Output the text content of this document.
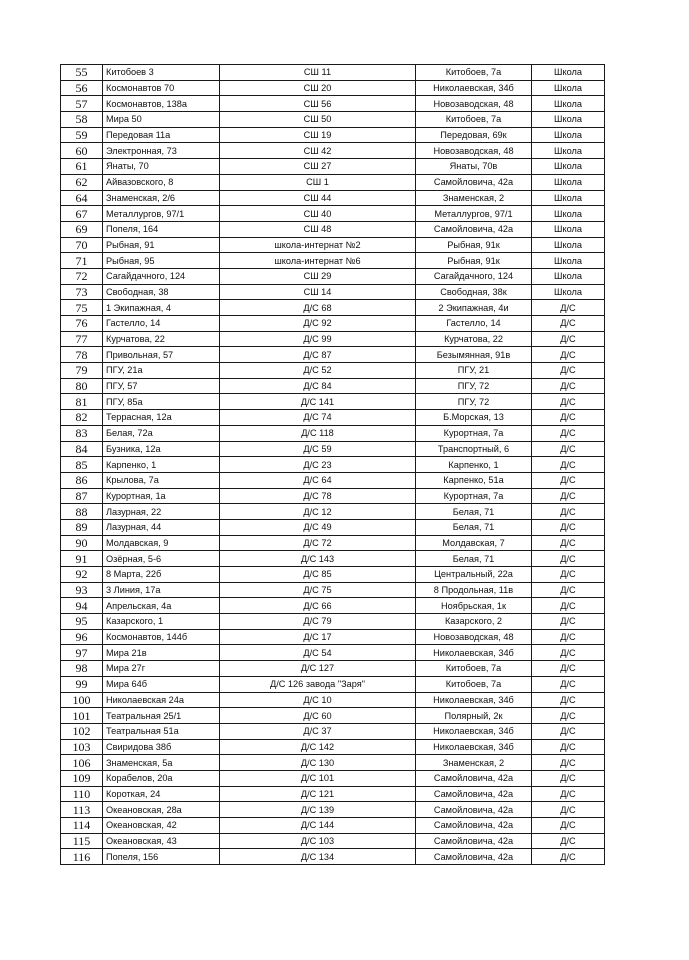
55	Китобоев 3	СШ 11	Китобоев, 7а	Школа
56	Космонавтов 70	СШ 20	Николаевская, 34б	Школа
57	Космонавтов, 138а	СШ 56	Новозаводская, 48	Школа
58	Мира 50	СШ 50	Китобоев, 7а	Школа
59	Передовая 11а	СШ 19	Передовая, 69к	Школа
60	Электронная, 73	СШ 42	Новозаводская, 48	Школа
61	Янаты, 70	СШ 27	Янаты, 70в	Школа
62	Айвазовского, 8	СШ 1	Самойловича, 42а	Школа
64	Знаменская, 2/6	СШ 44	Знаменская, 2	Школа
67	Металлургов, 97/1	СШ 40	Металлургов, 97/1	Школа
69	Попеля, 164	СШ 48	Самойловича, 42а	Школа
70	Рыбная, 91	школа-интернат №2	Рыбная, 91к	Школа
71	Рыбная, 95	школа-интернат №6	Рыбная, 91к	Школа
72	Сагайдачного, 124	СШ 29	Сагайдачного, 124	Школа
73	Свободная, 38	СШ 14	Свободная, 38к	Школа
75	1 Экипажная, 4	Д/С 68	2 Экипажная, 4и	Д/С
76	Гастелло, 14	Д/С 92	Гастелло, 14	Д/С
77	Курчатова, 22	Д/С 99	Курчатова, 22	Д/С
78	Привольная, 57	Д/С 87	Безымянная, 91в	Д/С
79	ПГУ, 21а	Д/С 52	ПГУ, 21	Д/С
80	ПГУ, 57	Д/С 84	ПГУ, 72	Д/С
81	ПГУ, 85а	Д/С 141	ПГУ, 72	Д/С
82	Террасная, 12а	Д/С 74	Б.Морская, 13	Д/С
83	Белая, 72а	Д/С 118	Курортная, 7а	Д/С
84	Бузника, 12а	Д/С 59	Транспортный, 6	Д/С
85	Карпенко, 1	Д/С 23	Карпенко, 1	Д/С
86	Крылова, 7а	Д/С 64	Карпенко, 51а	Д/С
87	Курортная, 1а	Д/С 78	Курортная, 7а	Д/С
88	Лазурная, 22	Д/С 12	Белая, 71	Д/С
89	Лазурная, 44	Д/С 49	Белая, 71	Д/С
90	Молдавская, 9	Д/С 72	Молдавская, 7	Д/С
91	Озёрная, 5-6	Д/С 143	Белая, 71	Д/С
92	8 Марта, 22б	Д/С 85	Центральный, 22а	Д/С
93	3 Линия, 17а	Д/С 75	8 Продольная, 11в	Д/С
94	Апрельская, 4а	Д/С 66	Ноябрьская, 1к	Д/С
95	Казарского, 1	Д/С 79	Казарского, 2	Д/С
96	Космонавтов, 144б	Д/С 17	Новозаводская, 48	Д/С
97	Мира 21в	Д/С 54	Николаевская, 34б	Д/С
98	Мира 27г	Д/С 127	Китобоев, 7а	Д/С
99	Мира 64б	Д/С 126 завода "Заря"	Китобоев, 7а	Д/С
100	Николаевская 24а	Д/С 10	Николаевская, 34б	Д/С
101	Театральная 25/1	Д/С 60	Полярный, 2к	Д/С
102	Театральная 51а	Д/С 37	Николаевская, 34б	Д/С
103	Свиридова 38б	Д/С 142	Николаевская, 34б	Д/С
106	Знаменская, 5а	Д/С 130	Знаменская, 2	Д/С
109	Корабелов, 20а	Д/С 101	Самойловича, 42а	Д/С
110	Короткая, 24	Д/С 121	Самойловича, 42а	Д/С
113	Океановская, 28а	Д/С 139	Самойловича, 42а	Д/С
114	Океановская, 42	Д/С 144	Самойловича, 42а	Д/С
115	Океановская, 43	Д/С 103	Самойловича, 42а	Д/С
116	Попеля, 156	Д/С 134	Самойловича, 42а	Д/С
